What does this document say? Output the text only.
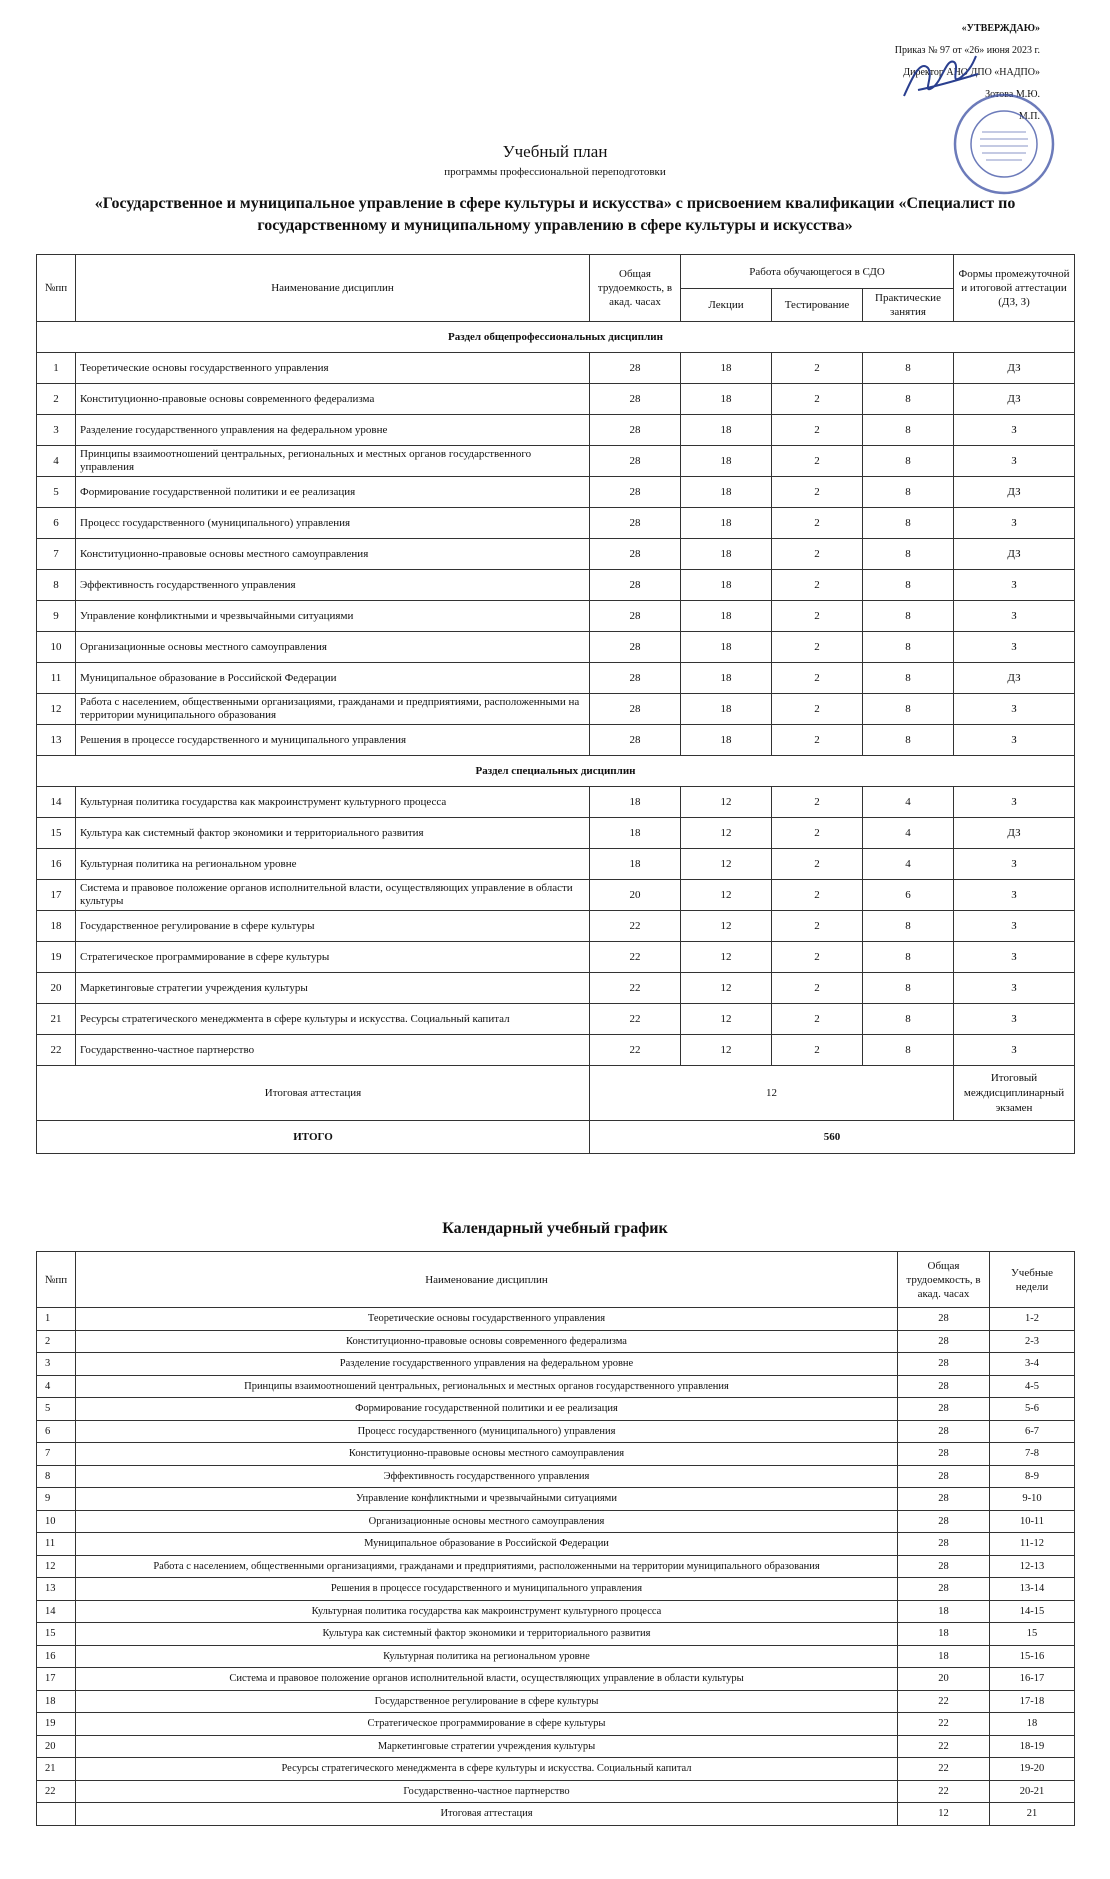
«УТВЕРЖДАЮ»
Приказ № 97 от «26» июня 2023 г.
Директор АНО ДПО «НАДПО»
Зотова М.Ю.
М.П.
Учебный план
программы профессиональной переподготовки
«Государственное и муниципальное управление в сфере культуры и искусства» с присвоением квалификации «Специалист по государственному и муниципальному управлению в сфере культуры и искусства»
№пп	Наименование дисциплин	Общая трудоемкость, в акад. часах	Работа обучающегося в СДО			Формы промежуточной и итоговой аттестации (ДЗ, З)
			Лекции	Тестирование	Практические занятия	
Раздел общепрофессиональных дисциплин						
1	Теоретические основы государственного управления	28	18	2	8	ДЗ
2	Конституционно-правовые основы современного федерализма	28	18	2	8	ДЗ
3	Разделение государственного управления на федеральном уровне	28	18	2	8	З
4	Принципы взаимоотношений центральных, региональных и местных органов государственного управления	28	18	2	8	З
5	Формирование государственной политики и ее реализация	28	18	2	8	ДЗ
6	Процесс государственного (муниципального) управления	28	18	2	8	З
7	Конституционно-правовые основы местного самоуправления	28	18	2	8	ДЗ
8	Эффективность государственного управления	28	18	2	8	З
9	Управление конфликтными и чрезвычайными ситуациями	28	18	2	8	З
10	Организационные основы местного самоуправления	28	18	2	8	З
11	Муниципальное образование в Российской Федерации	28	18	2	8	ДЗ
12	Работа с населением, общественными организациями, гражданами и предприятиями, расположенными на территории муниципального образования	28	18	2	8	З
13	Решения в процессе государственного и муниципального управления	28	18	2	8	З
Раздел специальных дисциплин						
14	Культурная политика государства как макроинструмент культурного процесса	18	12	2	4	З
15	Культура как системный фактор экономики и территориального развития	18	12	2	4	ДЗ
16	Культурная политика на региональном уровне	18	12	2	4	З
17	Система и правовое положение органов исполнительной власти, осуществляющих управление в области культуры	20	12	2	6	З
18	Государственное регулирование в сфере культуры	22	12	2	8	З
19	Стратегическое программирование в сфере культуры	22	12	2	8	З
20	Маркетинговые стратегии учреждения культуры	22	12	2	8	З
21	Ресурсы стратегического менеджмента в сфере культуры и искусства. Социальный капитал	22	12	2	8	З
22	Государственно-частное партнерство	22	12	2	8	З
Итоговая аттестация		12				Итоговый междисциплинарный экзамен
ИТОГО		560				
Календарный учебный график
№пп	Наименование дисциплин	Общая трудоемкость, в акад. часах	Учебные недели
1	Теоретические основы государственного управления	28	1-2
2	Конституционно-правовые основы современного федерализма	28	2-3
3	Разделение государственного управления на федеральном уровне	28	3-4
4	Принципы взаимоотношений центральных, региональных и местных органов государственного управления	28	4-5
5	Формирование государственной политики и ее реализация	28	5-6
6	Процесс государственного (муниципального) управления	28	6-7
7	Конституционно-правовые основы местного самоуправления	28	7-8
8	Эффективность государственного управления	28	8-9
9	Управление конфликтными и чрезвычайными ситуациями	28	9-10
10	Организационные основы местного самоуправления	28	10-11
11	Муниципальное образование в Российской Федерации	28	11-12
12	Работа с населением, общественными организациями, гражданами и предприятиями, расположенными на территории муниципального образования	28	12-13
13	Решения в процессе государственного и муниципального управления	28	13-14
14	Культурная политика государства как макроинструмент культурного процесса	18	14-15
15	Культура как системный фактор экономики и территориального развития	18	15
16	Культурная политика на региональном уровне	18	15-16
17	Система и правовое положение органов исполнительной власти, осуществляющих управление в области культуры	20	16-17
18	Государственное регулирование в сфере культуры	22	17-18
19	Стратегическое программирование в сфере культуры	22	18
20	Маркетинговые стратегии учреждения культуры	22	18-19
21	Ресурсы стратегического менеджмента в сфере культуры и искусства. Социальный капитал	22	19-20
22	Государственно-частное партнерство	22	20-21
	Итоговая аттестация	12	21
